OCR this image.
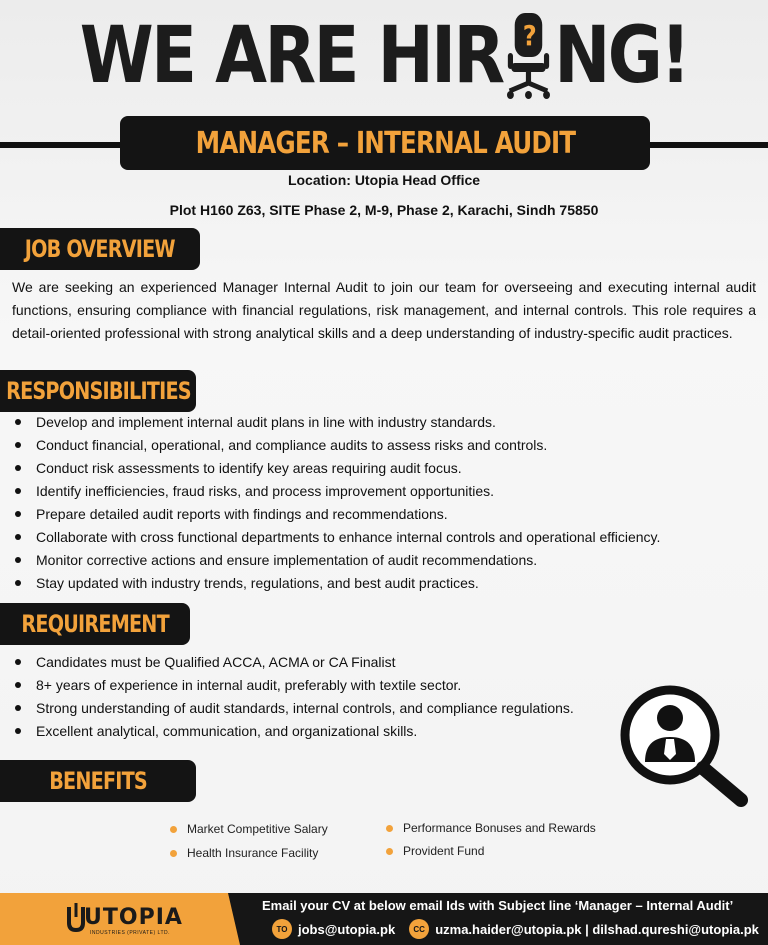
WE ARE HIR ? NG!
MANAGER – INTERNAL AUDIT
Location: Utopia Head Office
Plot H160 Z63, SITE Phase 2, M-9, Phase 2, Karachi, Sindh 75850
JOB OVERVIEW

We are seeking an experienced Manager Internal Audit to join our team for overseeing and executing internal audit functions, ensuring compliance with financial regulations, risk management, and internal controls. This role requires a detail-oriented professional with strong analytical skills and a deep understanding of industry-specific audit practices.

RESPONSIBILITIES
Develop and implement internal audit plans in line with industry standards.
Conduct financial, operational, and compliance audits to assess risks and controls.
Conduct risk assessments to identify key areas requiring audit focus.
Identify inefficiencies, fraud risks, and process improvement opportunities.
Prepare detailed audit reports with findings and recommendations.
Collaborate with cross functional departments to enhance internal controls and operational efficiency.
Monitor corrective actions and ensure implementation of audit recommendations.
Stay updated with industry trends, regulations, and best audit practices.
REQUIREMENT
Candidates must be Qualified ACCA, ACMA or CA Finalist
8+ years of experience in internal audit, preferably with textile sector.
Strong understanding of audit standards, internal controls, and compliance regulations.
Excellent analytical, communication, and organizational skills.
BENEFITS
Market Competitive Salary
Health Insurance Facility
Performance Bonuses and Rewards
Provident Fund
UTOPIA
INDUSTRIES (PRIVATE) LTD.
Email your CV at below email Ids with Subject line ‘Manager – Internal Audit’
TO jobs@utopia.pk	CC uzma.haider@utopia.pk | dilshad.qureshi@utopia.pk
